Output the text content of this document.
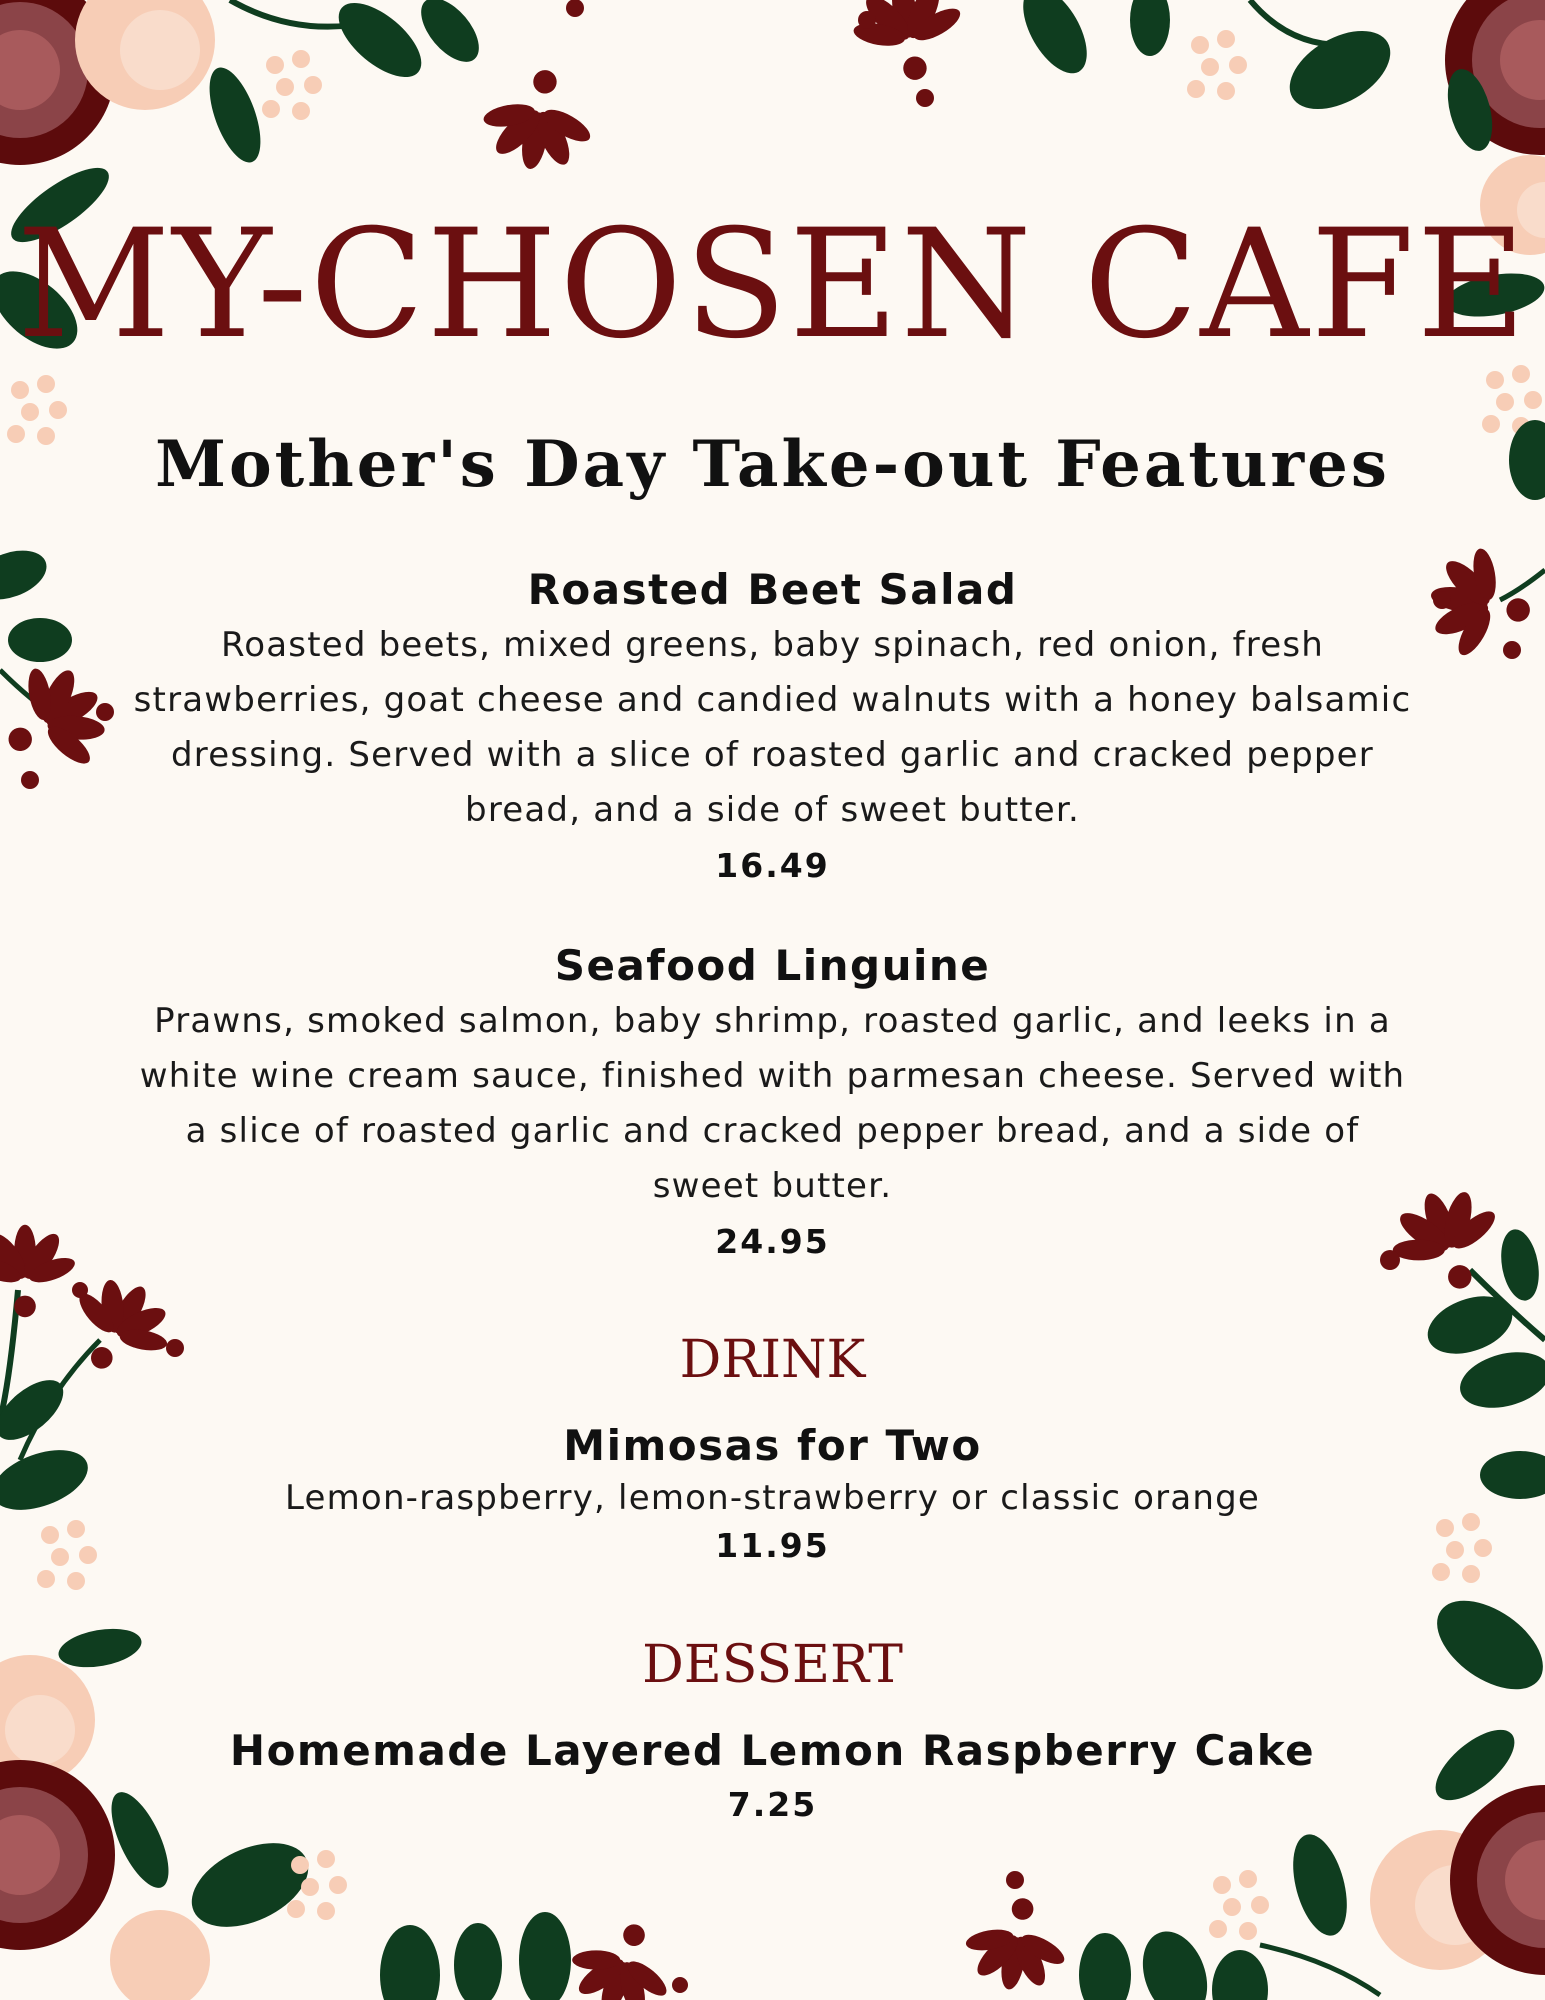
MY-CHOSEN CAFE
Mother's Day Take-out Features
Roasted Beet Salad
Roasted beets, mixed greens, baby spinach, red onion, fresh strawberries, goat cheese and candied walnuts with a honey balsamic dressing. Served with a slice of roasted garlic and cracked pepper bread, and a side of sweet butter.
16.49
Seafood Linguine
Prawns, smoked salmon, baby shrimp, roasted garlic, and leeks in a white wine cream sauce, finished with parmesan cheese. Served with a slice of roasted garlic and cracked pepper bread, and a side of sweet butter.
24.95
DRINK
Mimosas for Two
Lemon-raspberry, lemon-strawberry or classic orange
11.95
DESSERT
Homemade Layered Lemon Raspberry Cake
7.25
